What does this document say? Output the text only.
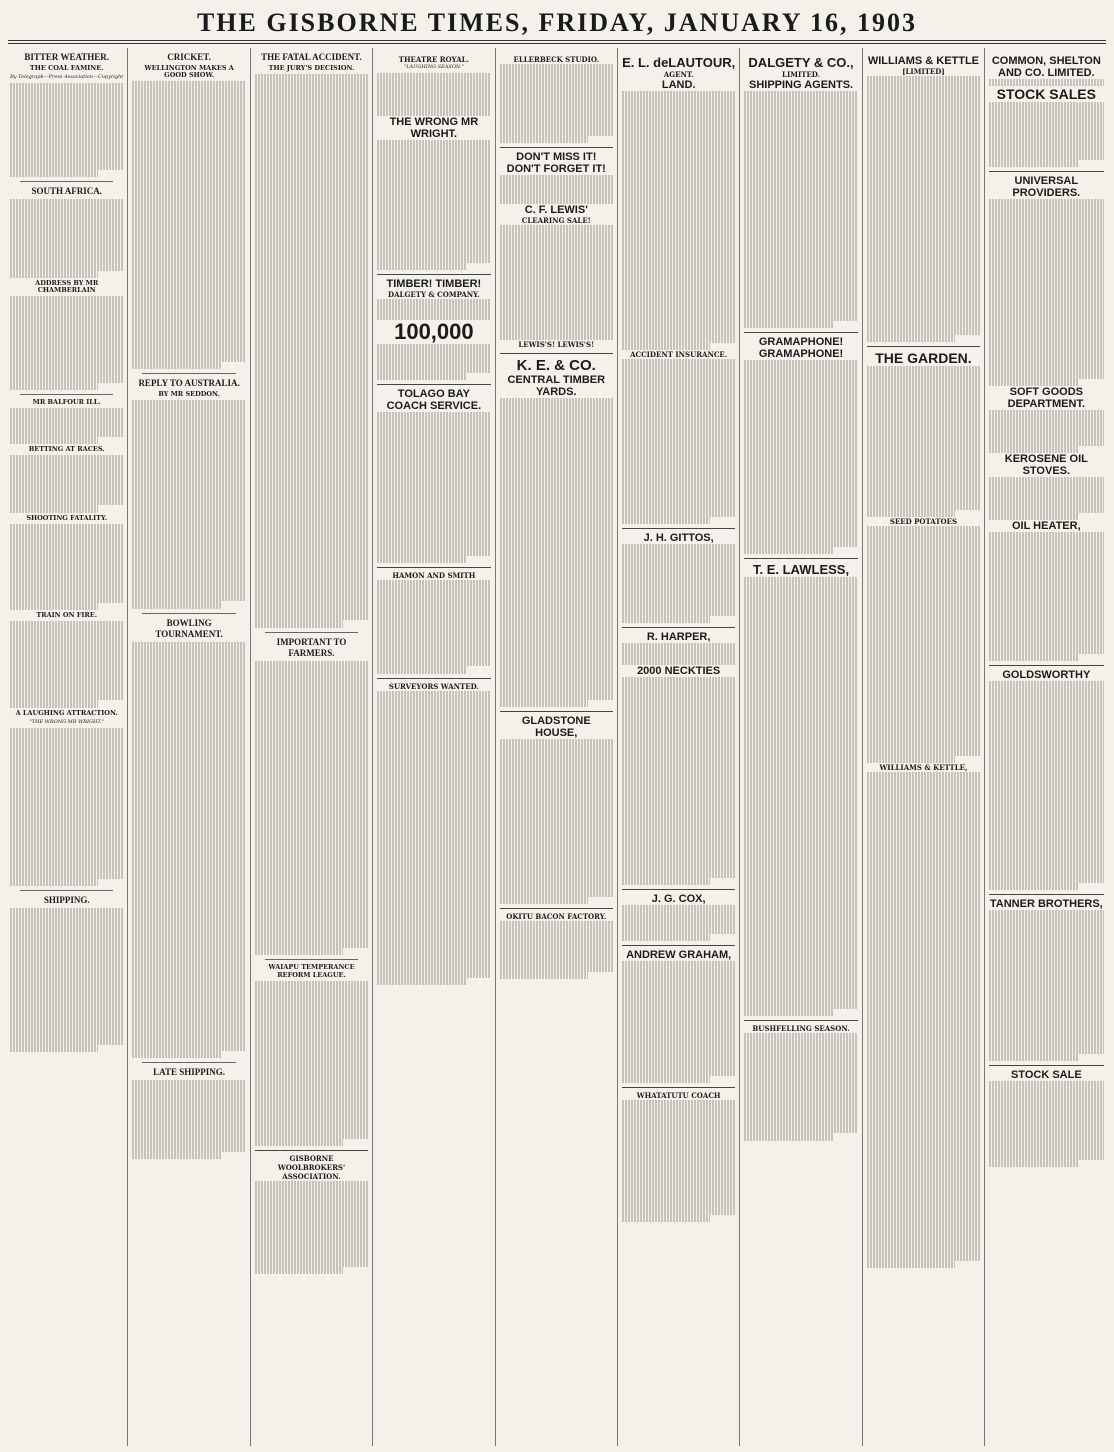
THE GISBORNE TIMES, FRIDAY, JANUARY 16, 1903
BITTER WEATHER.
THE COAL FAMINE.
By Telegraph—Press Association—Copyright
SOUTH AFRICA.
ADDRESS BY MR CHAMBERLAIN
MR BALFOUR ILL.
BETTING AT RACES.
SHOOTING FATALITY.
TRAIN ON FIRE.
A LAUGHING ATTRACTION.
"THE WRONG MR WRIGHT."
SHIPPING.
CRICKET.
WELLINGTON MAKES A GOOD SHOW.
REPLY TO AUSTRALIA.
BY MR SEDDON.
BOWLING TOURNAMENT.
LATE SHIPPING.
THE FATAL ACCIDENT.
THE JURY'S DECISION.
IMPORTANT TO FARMERS.
WAIAPU TEMPERANCE REFORM LEAGUE.
GISBORNE WOOLBROKERS' ASSOCIATION.
THEATRE ROYAL.
"LAUGHING SEASON."
THE WRONG MR WRIGHT.
TIMBER! TIMBER!
DALGETY & COMPANY.
100,000
TOLAGO BAY COACH SERVICE.
HAMON AND SMITH
SURVEYORS WANTED.
ELLERBECK STUDIO.
DON'T MISS IT!
DON'T FORGET IT!
C. F. LEWIS'
CLEARING SALE!
LEWIS'S! LEWIS'S!
K. E. & CO.
CENTRAL TIMBER YARDS.
GLADSTONE HOUSE,
OKITU BACON FACTORY.
E. L. deLAUTOUR,
AGENT.
LAND.
ACCIDENT INSURANCE.
J. H. GITTOS,
R. HARPER,
2000 NECKTIES
J. G. COX,
ANDREW GRAHAM,
WHATATUTU COACH
DALGETY & CO.,
LIMITED.
SHIPPING AGENTS.
GRAMAPHONE!
GRAMAPHONE!
T. E. LAWLESS,
BUSHFELLING SEASON.
WILLIAMS & KETTLE
[LIMITED]
THE GARDEN.
SEED POTATOES
WILLIAMS & KETTLE,
COMMON, SHELTON AND CO. LIMITED.
STOCK SALES
UNIVERSAL PROVIDERS.
SOFT GOODS DEPARTMENT.
KEROSENE OIL STOVES.
OIL HEATER,
GOLDSWORTHY
TANNER BROTHERS,
STOCK SALE
